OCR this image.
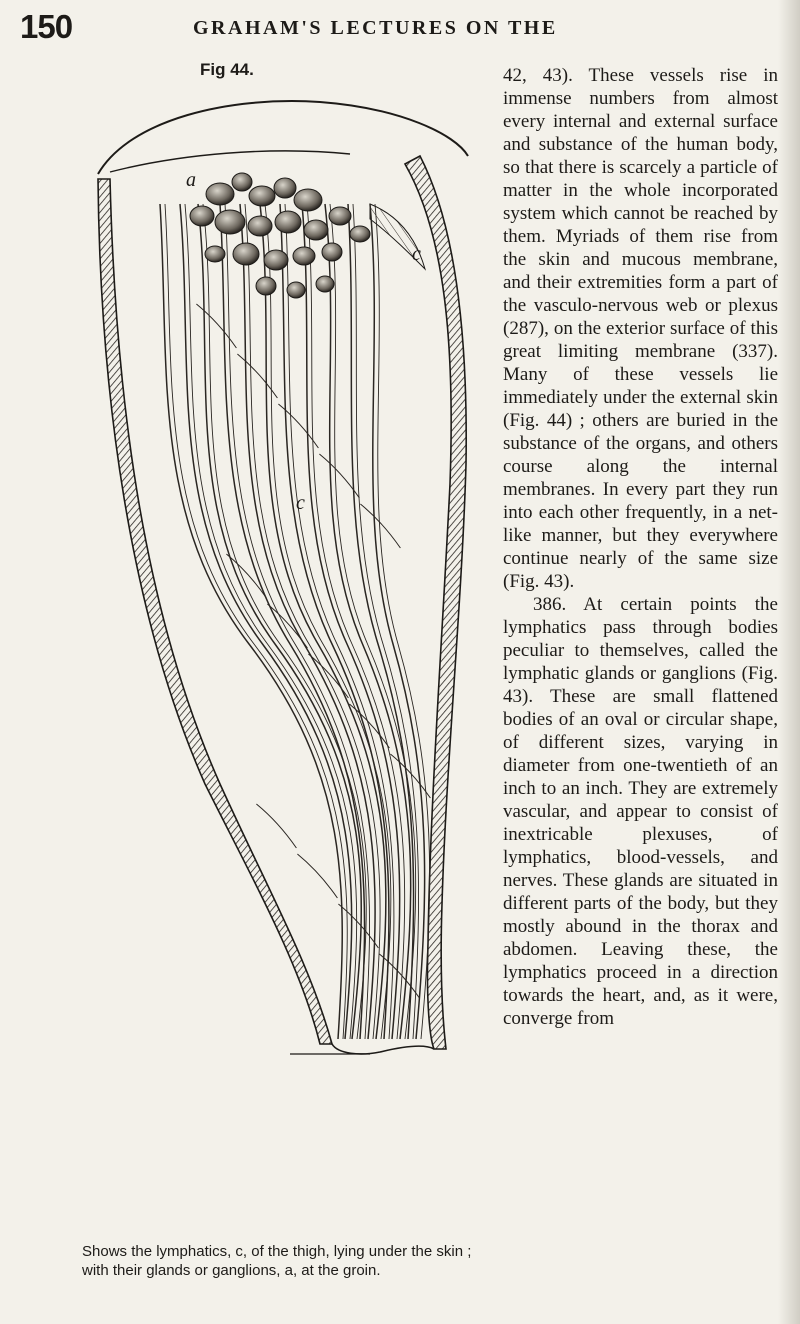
150	GRAHAM'S LECTURES ON THE
Fig 44.
a
c
c
Shows the lymphatics, c, of the thigh, lying under the skin ; with their glands or ganglions, a, at the groin.

42, 43). These vessels rise in immense numbers from almost every internal and external surface and substance of the human body, so that there is scarcely a particle of matter in the whole incorporated system which cannot be reached by them. Myriads of them rise from the skin and mucous membrane, and their extremities form a part of the vasculo-nervous web or plexus (287), on the exterior surface of this great limiting membrane (337). Many of these vessels lie immediately under the external skin (Fig. 44) ; others are buried in the substance of the organs, and others course along the internal membranes. In every part they run into each other frequently, in a net-like manner, but they everywhere continue nearly of the same size (Fig. 43).

386. At certain points the lymphatics pass through bodies peculiar to themselves, called the lymphatic glands or ganglions (Fig. 43). These are small flattened bodies of an oval or circular shape, of different sizes, varying in diameter from one-twentieth of an inch to an inch. They are extremely vascular, and appear to consist of inextricable plexuses, of lymphatics, blood-vessels, and nerves. These glands are situated in different parts of the body, but they mostly abound in the thorax and abdomen. Leaving these, the lymphatics proceed in a direction towards the heart, and, as it were, converge from
